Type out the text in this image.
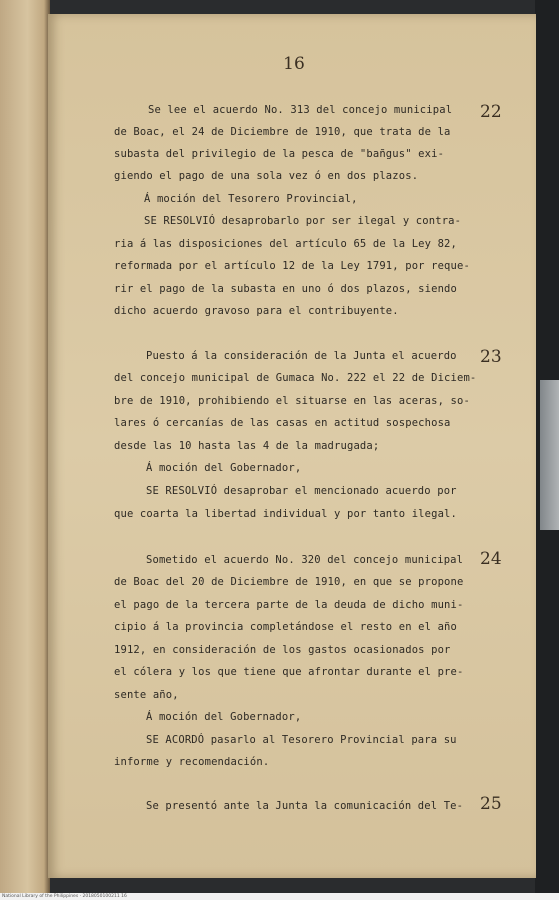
16
22
Se lee el acuerdo No. 313 del concejo municipal
de Boac, el 24 de Diciembre de 1910, que trata de la
subasta del privilegio de la pesca de "bañgus" exi-
giendo el pago de una sola vez ó en dos plazos.
Á moción del Tesorero Provincial,
SE RESOLVIÓ desaprobarlo por ser ilegal y contra-
ria á las disposiciones del artículo 65 de la Ley 82,
reformada por el artículo 12 de la Ley 1791, por reque-
rir el pago de la subasta en uno ó dos plazos, siendo
dicho acuerdo gravoso para el contribuyente.
23
Puesto á la consideración de la Junta el acuerdo
del concejo municipal de Gumaca No. 222 el 22 de Diciem-
bre de 1910, prohibiendo el situarse en las aceras, so-
lares ó cercanías de las casas en actitud sospechosa
desde las 10 hasta las 4 de la madrugada;
Á moción del Gobernador,
SE RESOLVIÓ desaprobar el mencionado acuerdo por
que coarta la libertad individual y por tanto ilegal.
24
Sometido el acuerdo No. 320 del concejo municipal
de Boac del 20 de Diciembre de 1910, en que se propone
el pago de la tercera parte de la deuda de dicho muni-
cipio á la provincia completándose el resto en el año
1912, en consideración de los gastos ocasionados por
el cólera y los que tiene que afrontar durante el pre-
sente año,
Á moción del Gobernador,
SE ACORDÓ pasarlo al Tesorero Provincial para su
informe y recomendación.
25
Se presentó ante la Junta la comunicación del Te-
National Library of the Philippines · 2018050100211 16
